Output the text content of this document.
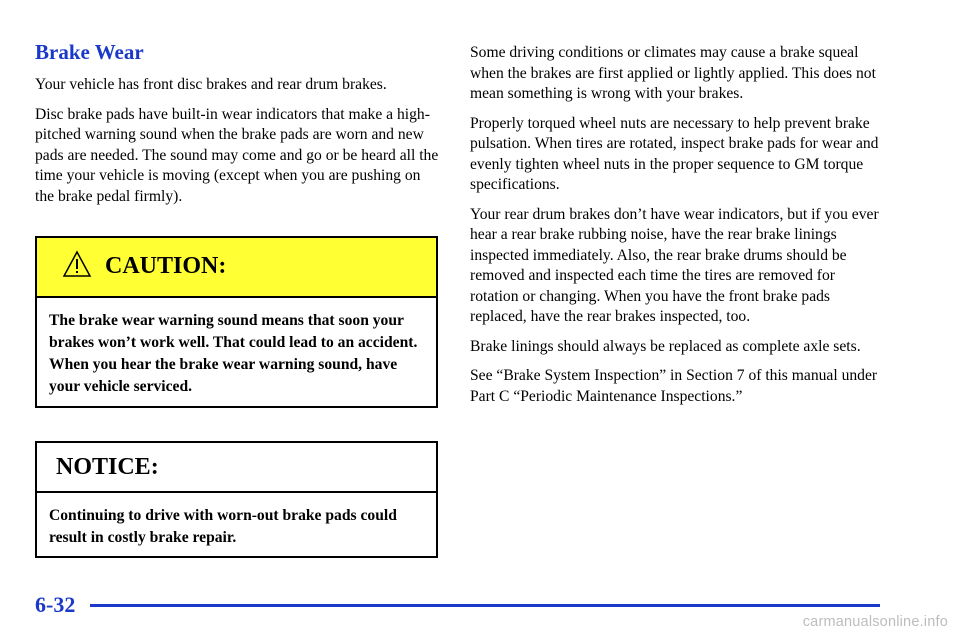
Brake Wear

Your vehicle has front disc brakes and rear drum brakes.

Disc brake pads have built-in wear indicators that make a high-pitched warning sound when the brake pads are worn and new pads are needed. The sound may come and go or be heard all the time your vehicle is moving (except when you are pushing on the brake pedal firmly).

CAUTION:
The brake wear warning sound means that soon your brakes won’t work well. That could lead to an accident. When you hear the brake wear warning sound, have your vehicle serviced.
NOTICE:
Continuing to drive with worn-out brake pads could result in costly brake repair.

Some driving conditions or climates may cause a brake squeal when the brakes are first applied or lightly applied. This does not mean something is wrong with your brakes.

Properly torqued wheel nuts are necessary to help prevent brake pulsation. When tires are rotated, inspect brake pads for wear and evenly tighten wheel nuts in the proper sequence to GM torque specifications.

Your rear drum brakes don’t have wear indicators, but if you ever hear a rear brake rubbing noise, have the rear brake linings inspected immediately. Also, the rear brake drums should be removed and inspected each time the tires are removed for rotation or changing. When you have the front brake pads replaced, have the rear brakes inspected, too.

Brake linings should always be replaced as complete axle sets.

See “Brake System Inspection” in Section 7 of this manual under Part C “Periodic Maintenance Inspections.”

6-32
carmanualsonline.info
